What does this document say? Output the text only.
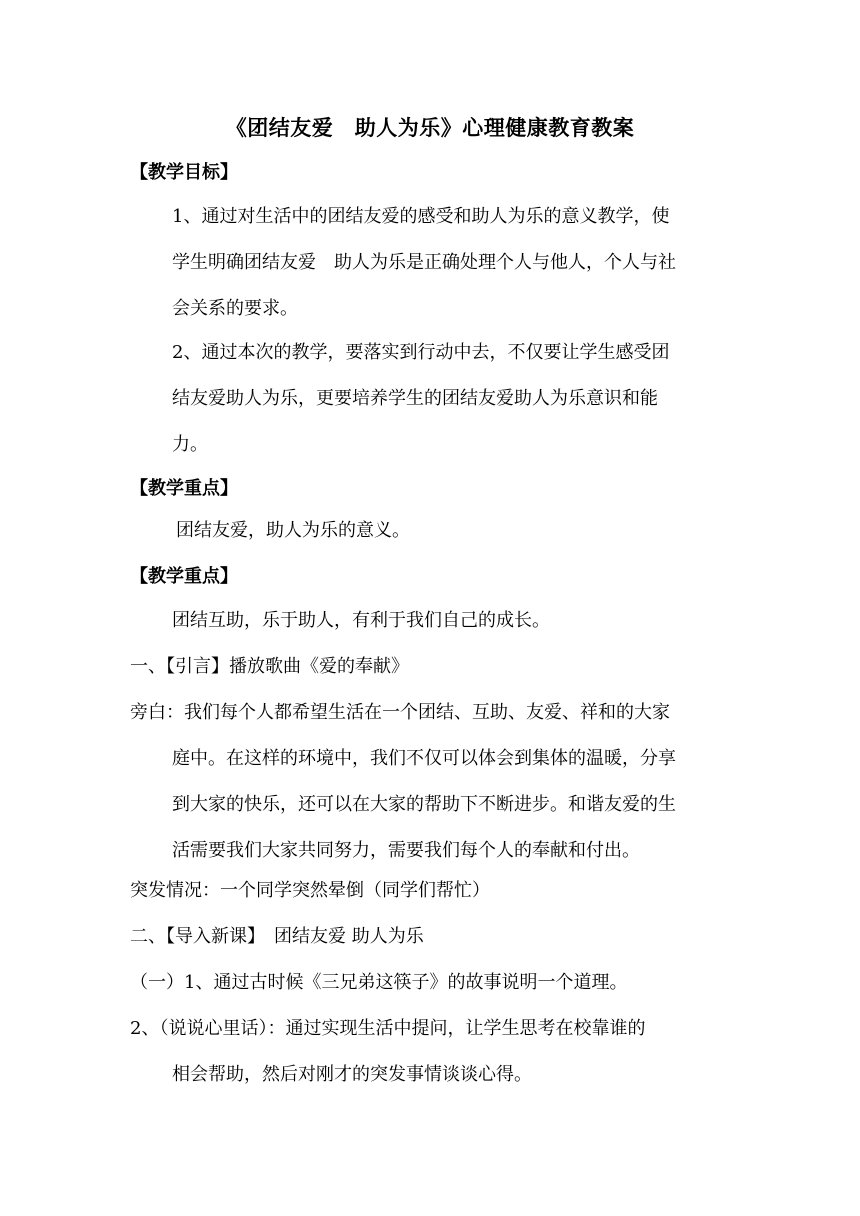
《团结友爱　助人为乐》心理健康教育教案
【教学目标】
1、通过对生活中的团结友爱的感受和助人为乐的意义教学，使
学生明确团结友爱　助人为乐是正确处理个人与他人，个人与社
会关系的要求。
2、通过本次的教学，要落实到行动中去，不仅要让学生感受团
结友爱助人为乐，更要培养学生的团结友爱助人为乐意识和能
力。
【教学重点】
团结友爱，助人为乐的意义。
【教学重点】
团结互助，乐于助人，有利于我们自己的成长。
一、【引言】播放歌曲《爱的奉献》
旁白：我们每个人都希望生活在一个团结、互助、友爱、祥和的大家
庭中。在这样的环境中，我们不仅可以体会到集体的温暖，分享
到大家的快乐，还可以在大家的帮助下不断进步。和谐友爱的生
活需要我们大家共同努力，需要我们每个人的奉献和付出。
突发情况：一个同学突然晕倒（同学们帮忙）
二、【导入新课】　团结友爱 助人为乐
（一）1、通过古时候《三兄弟这筷子》的故事说明一个道理。
2、（说说心里话）：通过实现生活中提问，让学生思考在校靠谁的
相会帮助，然后对刚才的突发事情谈谈心得。
